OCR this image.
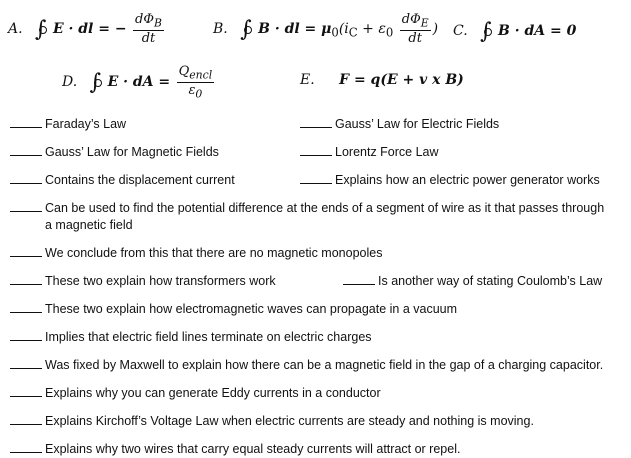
A. ∫ E · dl = − $\frac{d\Phi_B}{dt}$	B. ∫ B · dl = $\mu_0(i_C + \varepsilon_0 \frac{d\Phi_E}{dt}$ ) C. ∫ B · dA = 0
D. ∫ E · dA = $\frac{Q_{encl}}{\varepsilon_0}$	E. F = q(E + v x B)
Faraday’s Law	Gauss’ Law for Electric Fields
Gauss’ Law for Magnetic Fields	Lorentz Force Law
Contains the displacement current	Explains how an electric power generator works
Can be used to find the potential difference at the ends of a segment of wire as it that passes through
a magnetic field
We conclude from this that there are no magnetic monopoles
These two explain how transformers work	Is another way of stating Coulomb’s Law
These two explain how electromagnetic waves can propagate in a vacuum
Implies that electric field lines terminate on electric charges
Was fixed by Maxwell to explain how there can be a magnetic field in the gap of a charging capacitor.
Explains why you can generate Eddy currents in a conductor
Explains Kirchoff’s Voltage Law when electric currents are steady and nothing is moving.
Explains why two wires that carry equal steady currents will attract or repel.
